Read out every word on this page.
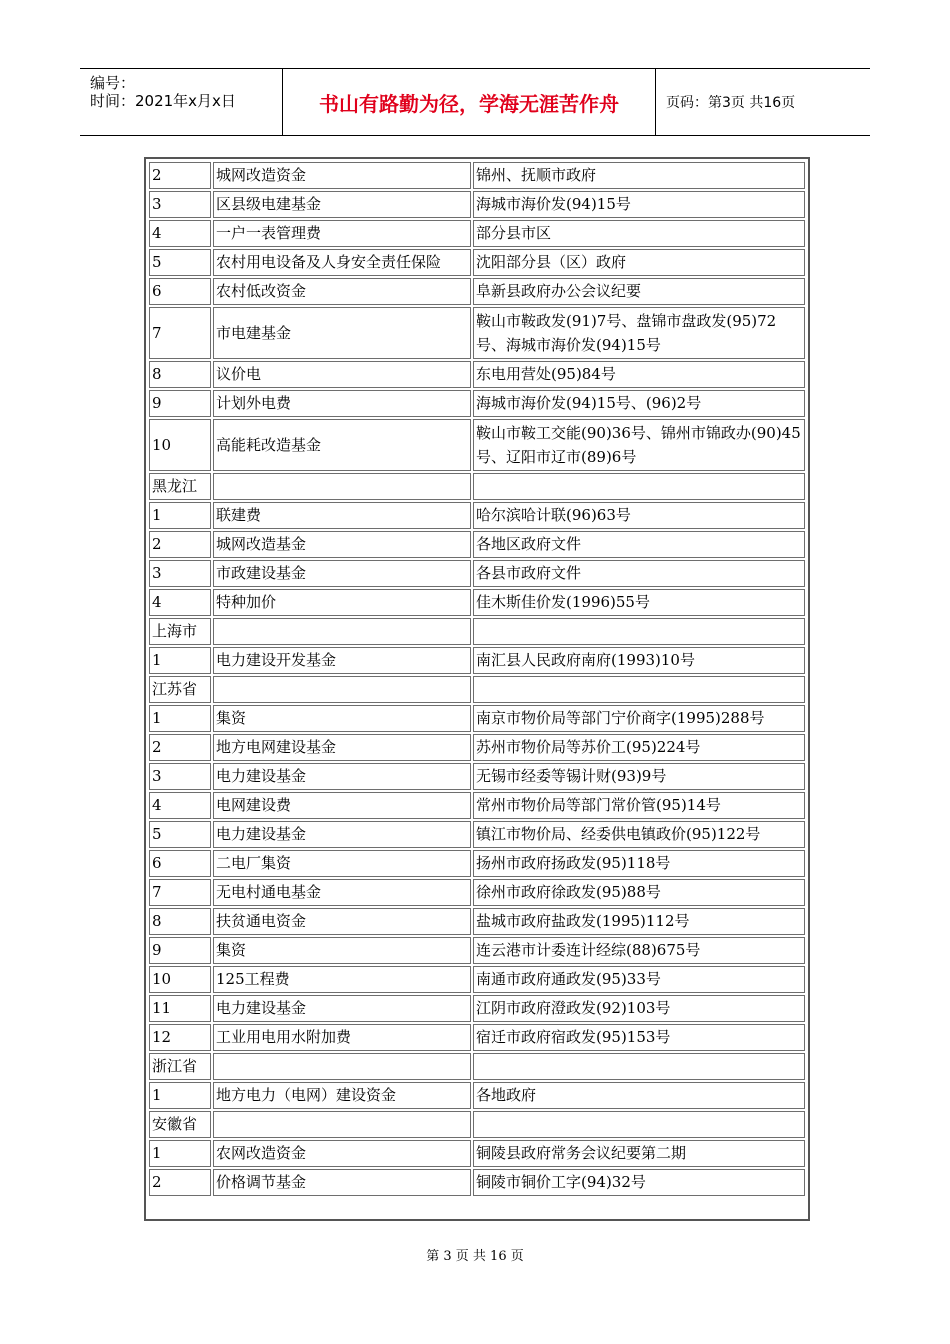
编号：
时间：2021年x月x日	书山有路勤为径，学海无涯苦作舟	页码：第3页 共16页
2	城网改造资金	锦州、抚顺市政府
3	区县级电建基金	海城市海价发(94)15号
4	一户一表管理费	部分县市区
5	农村用电设备及人身安全责任保险	沈阳部分县（区）政府
6	农村低改资金	阜新县政府办公会议纪要
7	市电建基金	鞍山市鞍政发(91)7号、盘锦市盘政发(95)72号、海城市海价发(94)15号
8	议价电	东电用营处(95)84号
9	计划外电费	海城市海价发(94)15号、(96)2号
10	高能耗改造基金	鞍山市鞍工交能(90)36号、锦州市锦政办(90)45号、辽阳市辽市(89)6号
黑龙江		
1	联建费	哈尔滨哈计联(96)63号
2	城网改造基金	各地区政府文件
3	市政建设基金	各县市政府文件
4	特种加价	佳木斯佳价发(1996)55号
上海市		
1	电力建设开发基金	南汇县人民政府南府(1993)10号
江苏省		
1	集资	南京市物价局等部门宁价商字(1995)288号
2	地方电网建设基金	苏州市物价局等苏价工(95)224号
3	电力建设基金	无锡市经委等锡计财(93)9号
4	电网建设费	常州市物价局等部门常价管(95)14号
5	电力建设基金	镇江市物价局、经委供电镇政价(95)122号
6	二电厂集资	扬州市政府扬政发(95)118号
7	无电村通电基金	徐州市政府徐政发(95)88号
8	扶贫通电资金	盐城市政府盐政发(1995)112号
9	集资	连云港市计委连计经综(88)675号
10	125工程费	南通市政府通政发(95)33号
11	电力建设基金	江阴市政府澄政发(92)103号
12	工业用电用水附加费	宿迁市政府宿政发(95)153号
浙江省		
1	地方电力（电网）建设资金	各地政府
安徽省		
1	农网改造资金	铜陵县政府常务会议纪要第二期
2	价格调节基金	铜陵市铜价工字(94)32号
第 3 页 共 16 页
